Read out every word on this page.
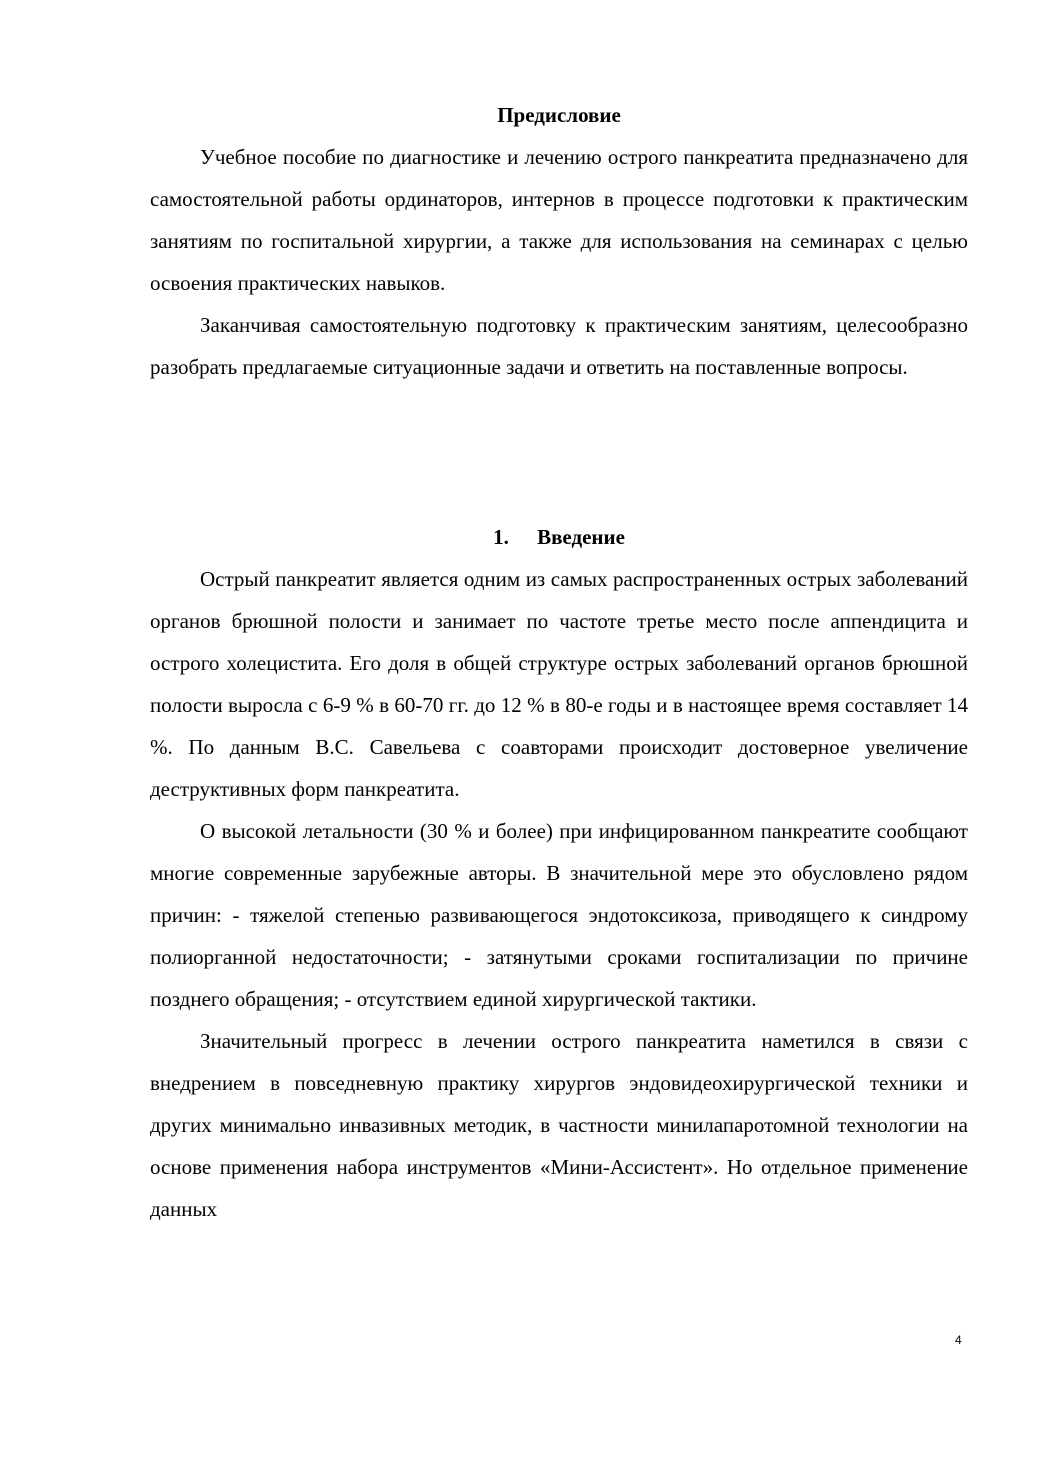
Предисловие

Учебное пособие по диагностике и лечению острого панкреатита предназначено для самостоятельной работы ординаторов, интернов в процессе подготовки к практическим занятиям по госпитальной хирургии, а также для использования на семинарах с целью освоения практических навыков.

Заканчивая самостоятельную подготовку к практическим занятиям, целесообразно разобрать предлагаемые ситуационные задачи и ответить на поставленные вопросы.

1. Введение

Острый панкреатит является одним из самых распространенных острых заболеваний органов брюшной полости и занимает по частоте третье место после аппендицита и острого холецистита. Его доля в общей структуре острых заболеваний органов брюшной полости выросла с 6-9 % в 60-70 гг. до 12 % в 80-е годы и в настоящее время составляет 14 %. По данным В.С. Савельева с соавторами происходит достоверное увеличение деструктивных форм панкреатита.

О высокой летальности (30 % и более) при инфицированном панкреатите сообщают многие современные зарубежные авторы. В значительной мере это обусловлено рядом причин: - тяжелой степенью развивающегося эндотоксикоза, приводящего к синдрому полиорганной недостаточности; - затянутыми сроками госпитализации по причине позднего обращения; - отсутствием единой хирургической тактики.

Значительный прогресс в лечении острого панкреатита наметился в связи с внедрением в повседневную практику хирургов эндовидеохирургической техники и других минимально инвазивных методик, в частности минилапаротомной технологии на основе применения набора инструментов «Мини-Ассистент». Но отдельное применение данных

4
